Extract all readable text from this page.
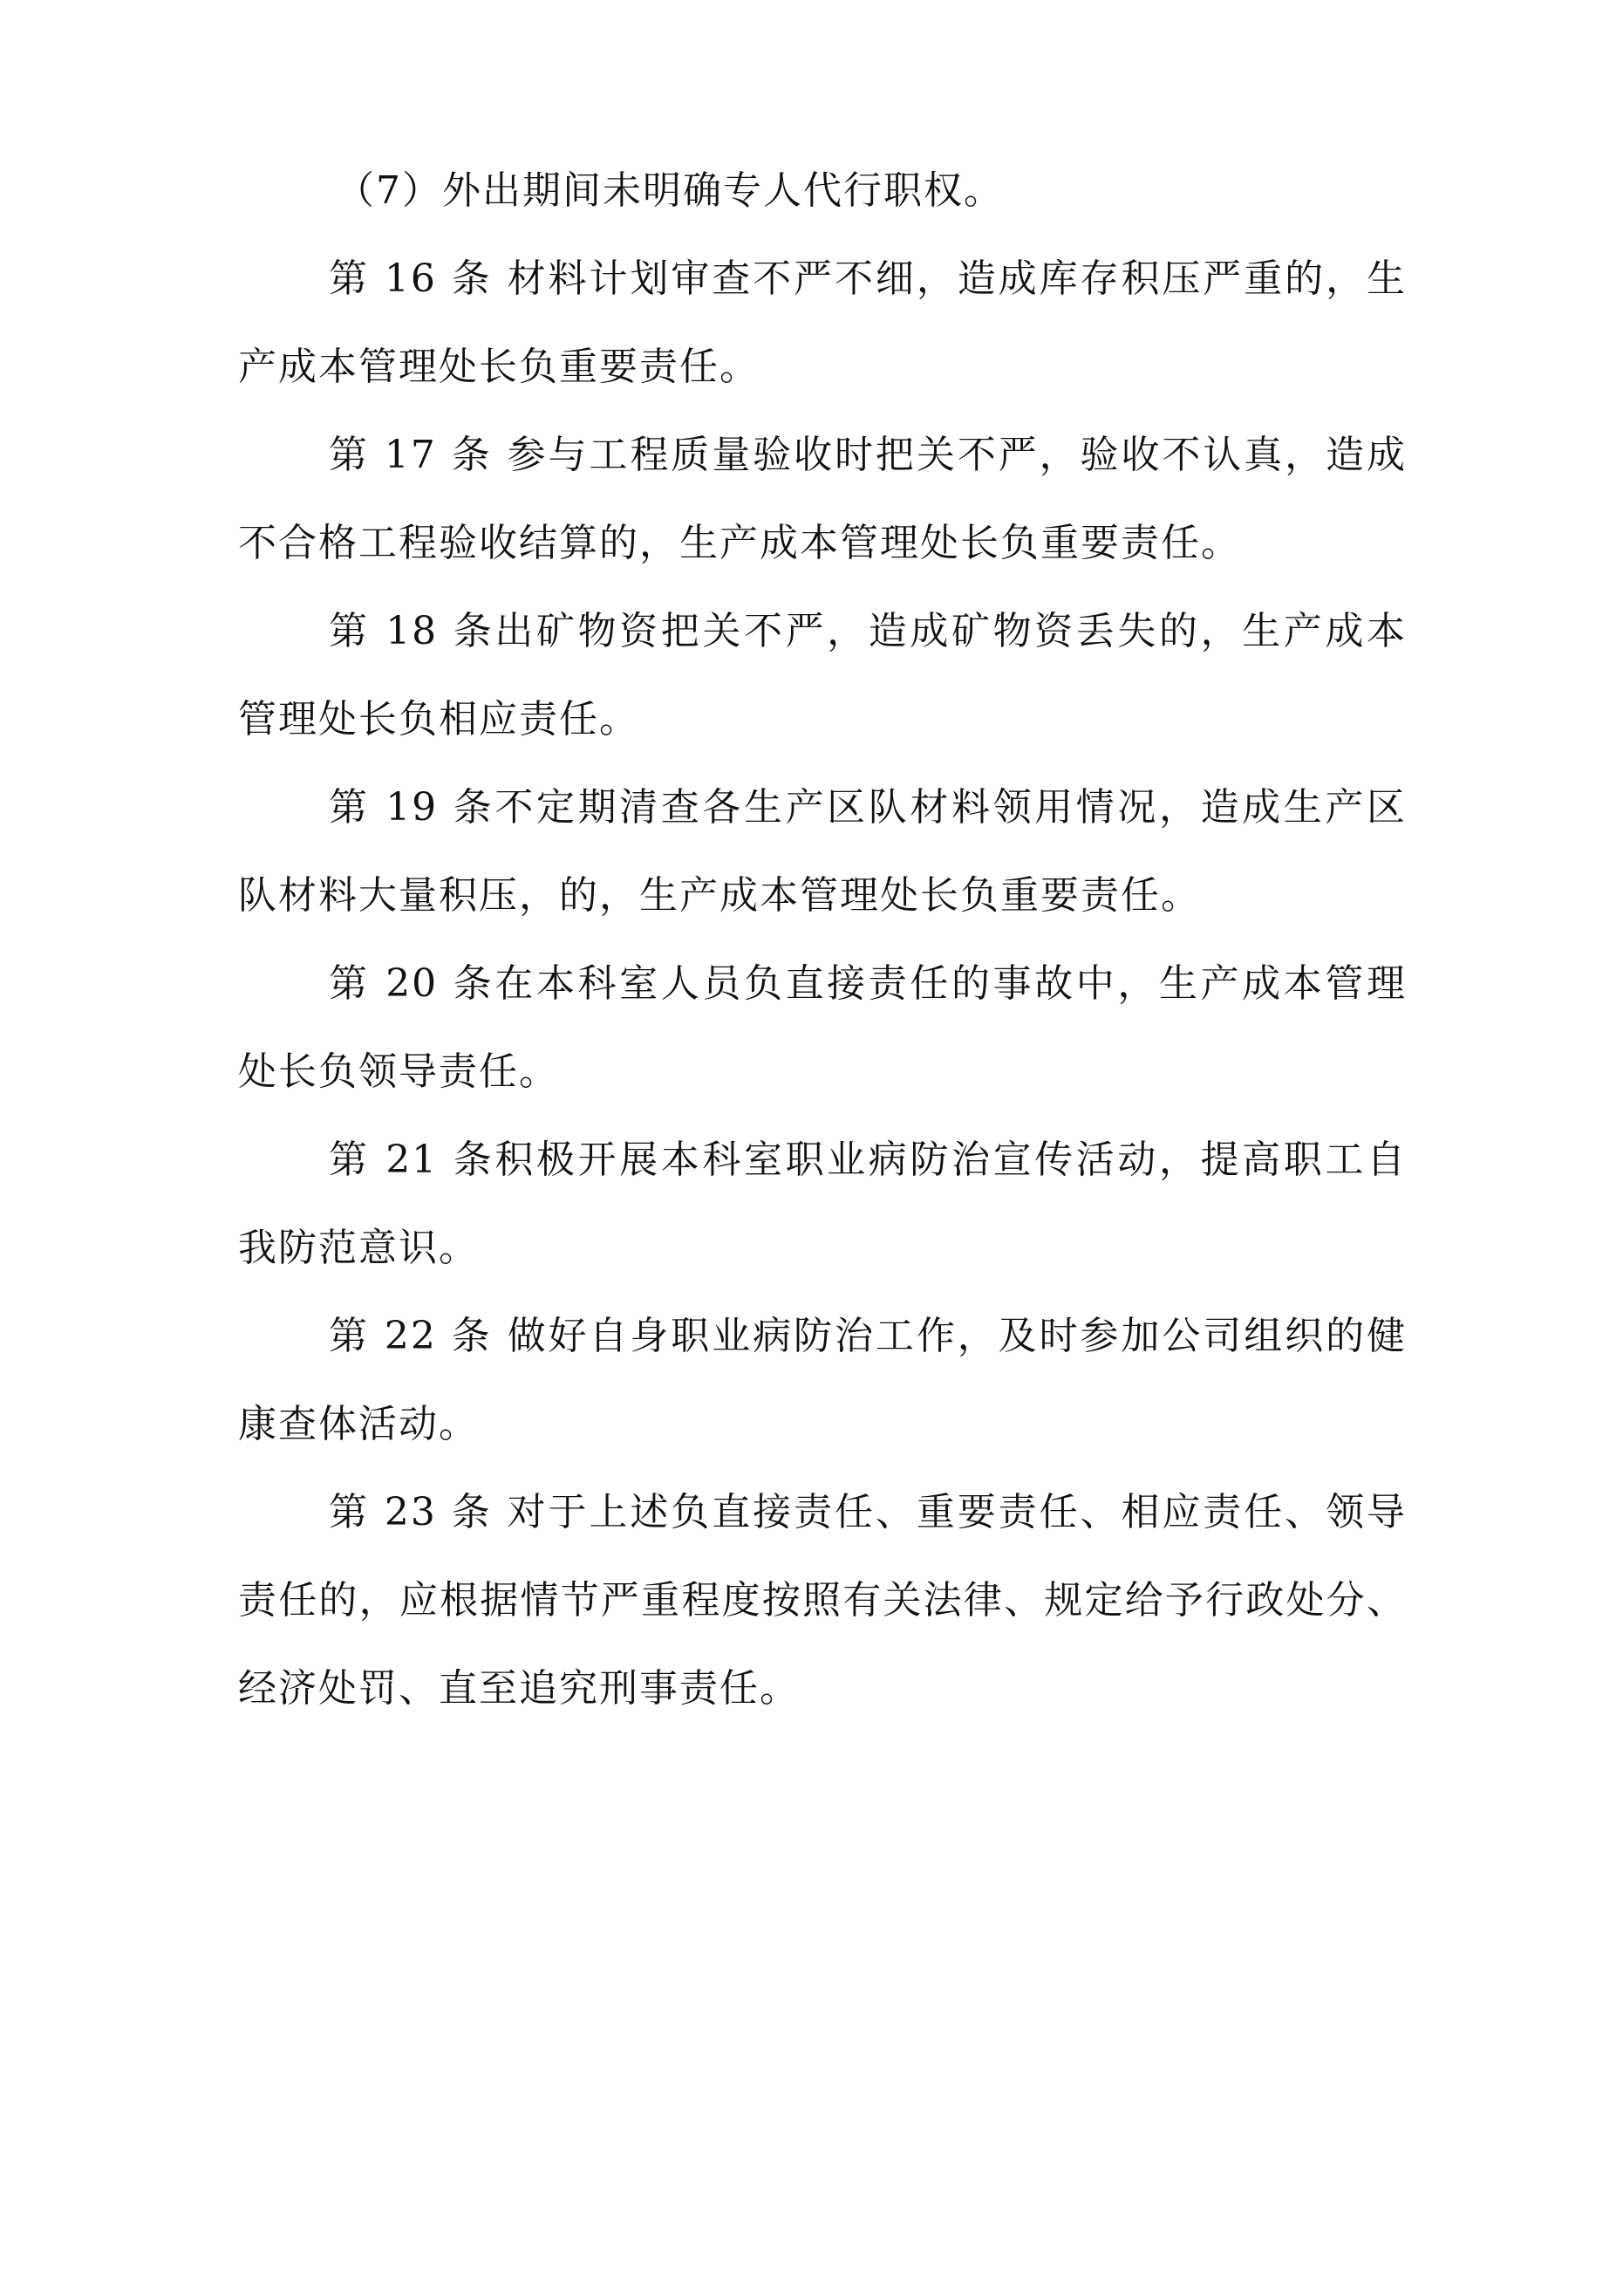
（7）外出期间未明确专人代行职权。

第 16 条 材料计划审查不严不细，造成库存积压严重的，生产成本管理处长负重要责任。

第 17 条 参与工程质量验收时把关不严，验收不认真，造成不合格工程验收结算的，生产成本管理处长负重要责任。

第 18 条出矿物资把关不严，造成矿物资丢失的，生产成本管理处长负相应责任。

第 19 条不定期清查各生产区队材料领用情况，造成生产区队材料大量积压，的，生产成本管理处长负重要责任。

第 20 条在本科室人员负直接责任的事故中，生产成本管理处长负领导责任。

第 21 条积极开展本科室职业病防治宣传活动，提高职工自我防范意识。

第 22 条 做好自身职业病防治工作，及时参加公司组织的健康查体活动。

第 23 条 对于上述负直接责任、重要责任、相应责任、领导责任的，应根据情节严重程度按照有关法律、规定给予行政处分、经济处罚、直至追究刑事责任。
